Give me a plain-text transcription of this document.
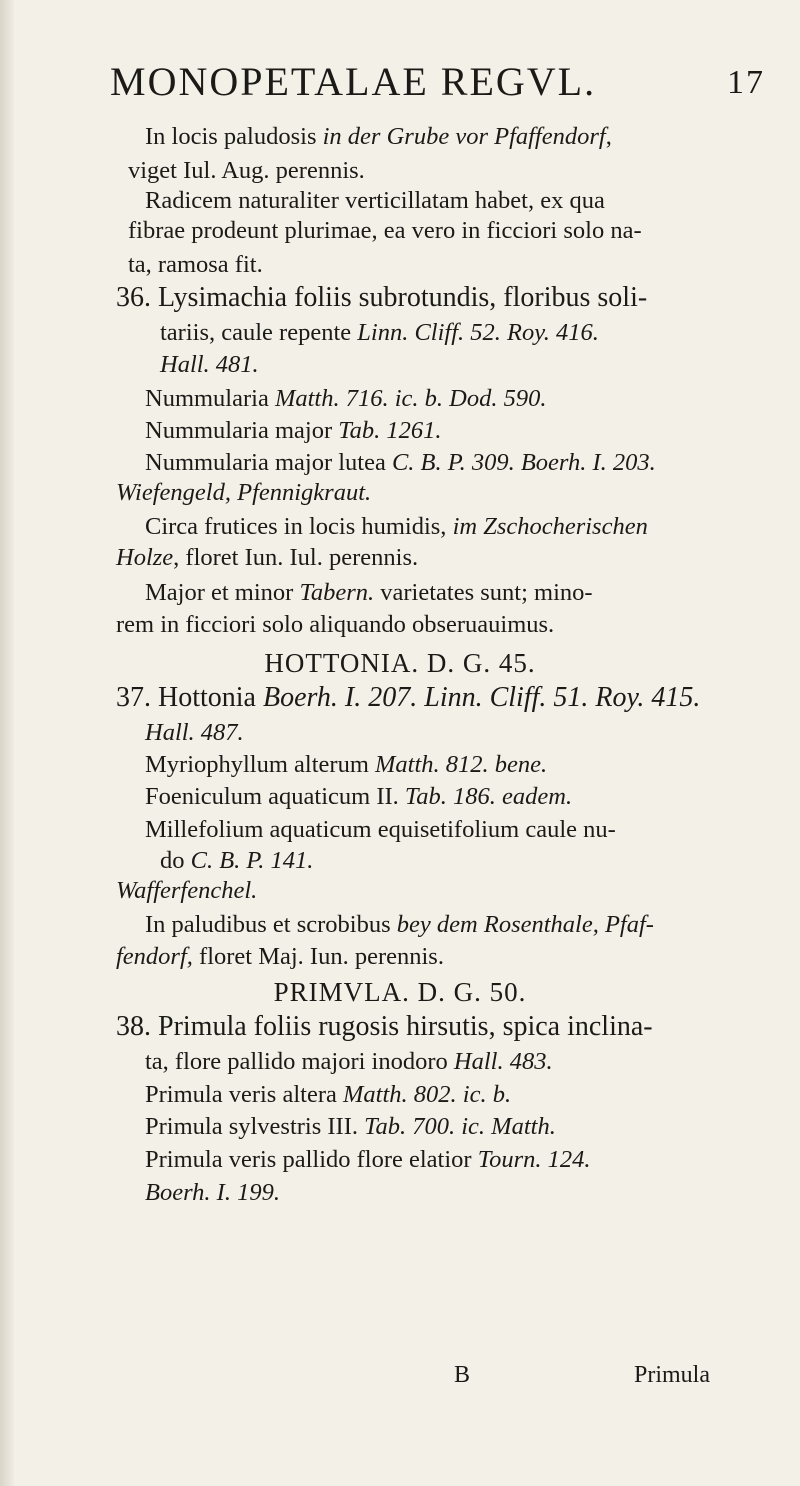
MONOPETALAE REGVL.	17
In locis paludosis in der Grube vor Pfaffendorf,
viget Iul. Aug. perennis.
Radicem naturaliter verticillatam habet, ex qua
fibrae prodeunt plurimae, ea vero in ficciori solo na-
ta, ramosa fit.
36. Lysimachia foliis subrotundis, floribus soli-
tariis, caule repente Linn. Cliff. 52. Roy. 416.
Hall. 481.
Nummularia Matth. 716. ic. b. Dod. 590.
Nummularia major Tab. 1261.
Nummularia major lutea C. B. P. 309. Boerh. I. 203.
Wiefengeld, Pfennigkraut.
Circa frutices in locis humidis, im Zschocherischen
Holze, floret Iun. Iul. perennis.
Major et minor Tabern. varietates sunt; mino-
rem in ficciori solo aliquando obseruauimus.
HOTTONIA. D. G. 45.
37. Hottonia Boerh. I. 207. Linn. Cliff. 51. Roy. 415.
Hall. 487.
Myriophyllum alterum Matth. 812. bene.
Foeniculum aquaticum II. Tab. 186. eadem.
Millefolium aquaticum equisetifolium caule nu-
do C. B. P. 141.
Wafferfenchel.
In paludibus et scrobibus bey dem Rosenthale, Pfaf-
fendorf, floret Maj. Iun. perennis.
PRIMVLA. D. G. 50.
38. Primula foliis rugosis hirsutis, spica inclina-
ta, flore pallido majori inodoro Hall. 483.
Primula veris altera Matth. 802. ic. b.
Primula sylvestris III. Tab. 700. ic. Matth.
Primula veris pallido flore elatior Tourn. 124.
Boerh. I. 199.
B	Primula
